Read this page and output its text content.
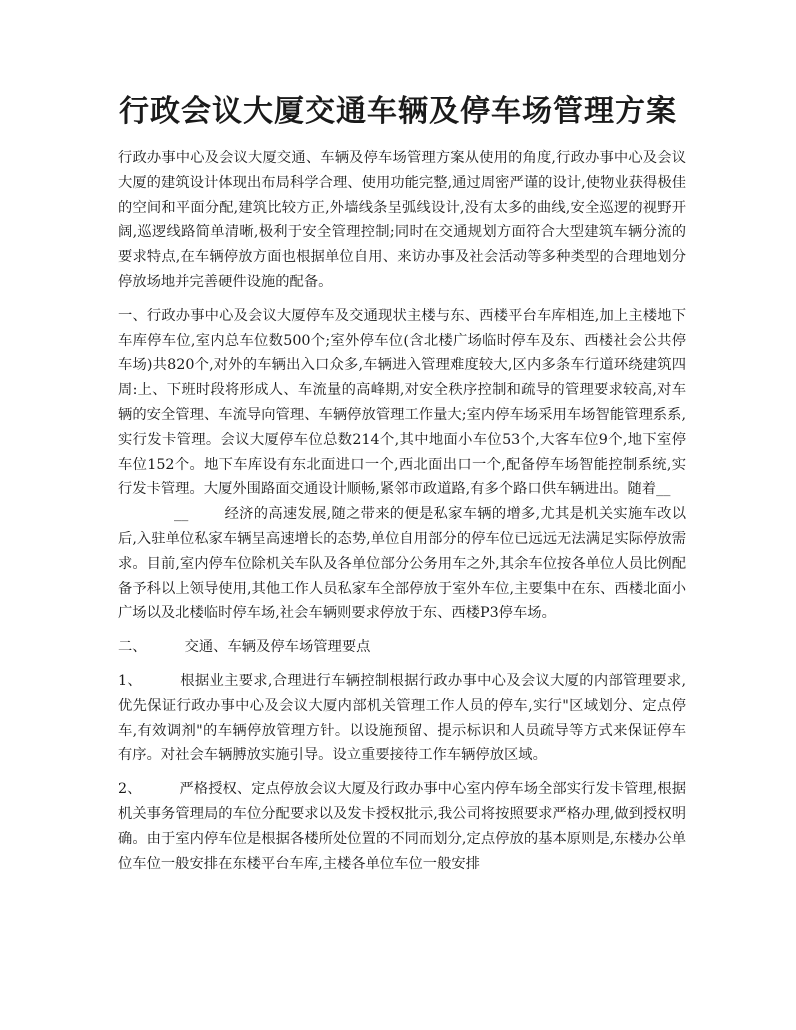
行政会议大厦交通车辆及停车场管理方案

行政办事中心及会议大厦交通、车辆及停车场管理方案从使用的角度,行政办事中心及会议大厦的建筑设计体现出布局科学合理、使用功能完整,通过周密严谨的设计,使物业获得极佳的空间和平面分配,建筑比较方正,外墙线条呈弧线设计,没有太多的曲线,安全巡逻的视野开阔,巡逻线路简单清晰,极利于安全管理控制;同时在交通规划方面符合大型建筑车辆分流的要求特点,在车辆停放方面也根据单位自用、来访办事及社会活动等多种类型的合理地划分停放场地并完善硬件设施的配备。

一、行政办事中心及会议大厦停车及交通现状主楼与东、西楼平台车库相连,加上主楼地下车库停车位,室内总车位数500个;室外停车位(含北楼广场临时停车及东、西楼社会公共停车场)共820个,对外的车辆出入口众多,车辆进入管理难度较大,区内多条车行道环绕建筑四周:上、下班时段将形成人、车流量的高峰期,对安全秩序控制和疏导的管理要求较高,对车辆的安全管理、车流导向管理、车辆停放管理工作量大;室内停车场采用车场智能管理系系,实行发卡管理。会议大厦停车位总数214个,其中地面小车位53个,大客车位9个,地下室停车位152个。地下车库设有东北面进口一个,西北面出口一个,配备停车场智能控制系统,实行发卡管理。大厦外围路面交通设计顺畅,紧邻市政道路,有多个路口供车辆进出。随着__

__	经济的高速发展,随之带来的便是私家车辆的增多,尤其是机关实施车改以后,入驻单位私家车辆呈高速增长的态势,单位自用部分的停车位已远远无法满足实际停放需求。目前,室内停车位除机关车队及各单位部分公务用车之外,其余车位按各单位人员比例配备予科以上领导使用,其他工作人员私家车全部停放于室外车位,主要集中在东、西楼北面小广场以及北楼临时停车场,社会车辆则要求停放于东、西楼P3停车场。

二、	交通、车辆及停车场管理要点

1、	根据业主要求,合理进行车辆控制根据行政办事中心及会议大厦的内部管理要求,优先保证行政办事中心及会议大厦内部机关管理工作人员的停车,实行"区域划分、定点停车,有效调剂"的车辆停放管理方针。以设施预留、提示标识和人员疏导等方式来保证停车有序。对社会车辆膊放实施引导。设立重要接待工作车辆停放区域。

2、	严格授权、定点停放会议大厦及行政办事中心室内停车场全部实行发卡管理,根据机关事务管理局的车位分配要求以及发卡授权批示,我公司将按照要求严格办理,做到授权明确。由于室内停车位是根据各楼所处位置的不同而划分,定点停放的基本原则是,东楼办公单位车位一般安排在东楼平台车库,主楼各单位车位一般安排
